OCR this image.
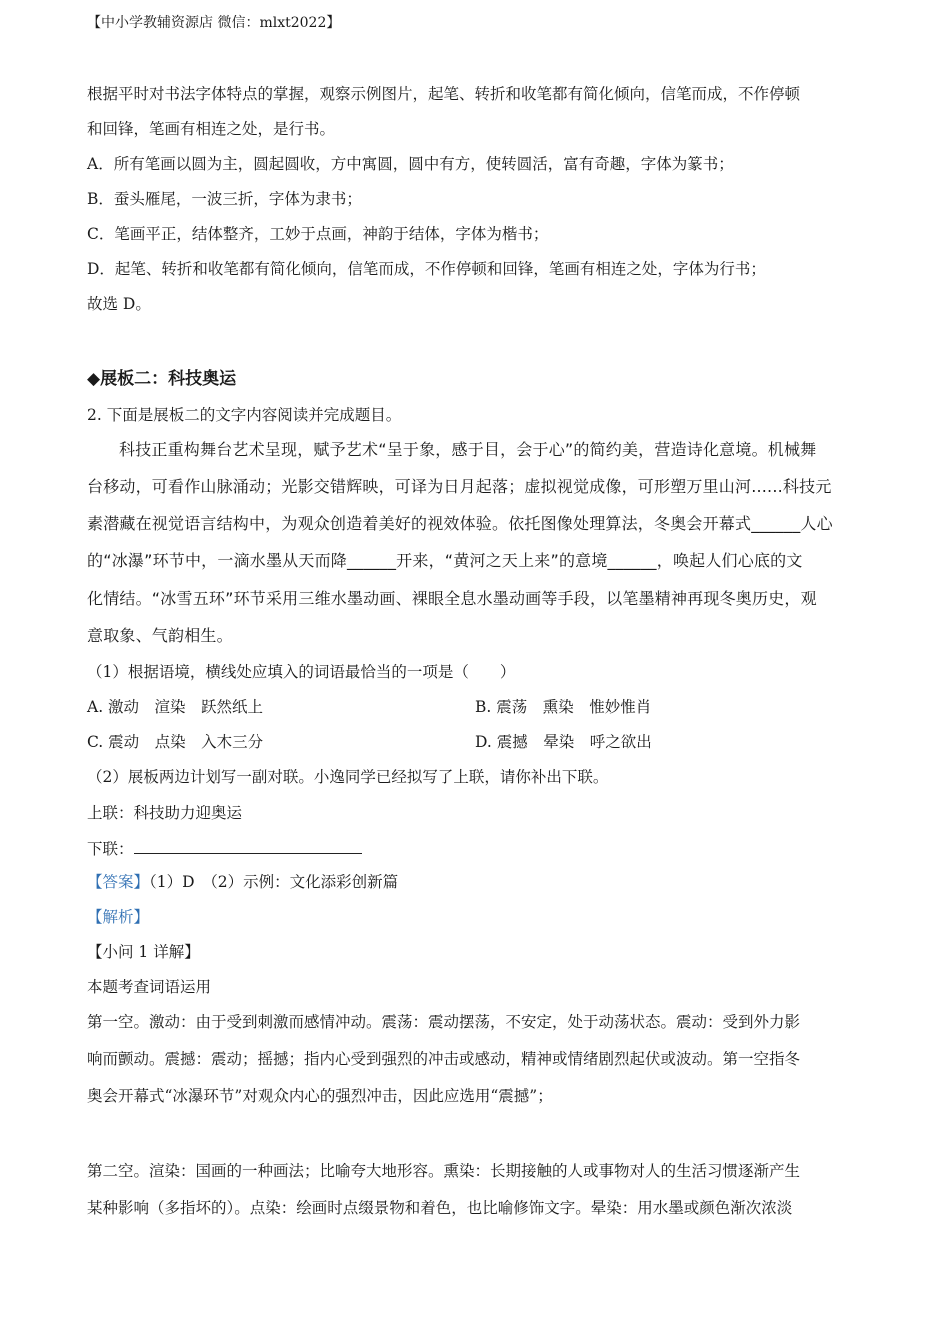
【中小学教辅资源店 微信：mlxt2022】
根据平时对书法字体特点的掌握，观察示例图片，起笔、转折和收笔都有简化倾向，信笔而成，不作停顿
和回锋，笔画有相连之处，是行书。
A．所有笔画以圆为主，圆起圆收，方中寓圆，圆中有方，使转圆活，富有奇趣，字体为篆书；
B．蚕头雁尾，一波三折，字体为隶书；
C．笔画平正，结体整齐，工妙于点画，神韵于结体，字体为楷书；
D．起笔、转折和收笔都有简化倾向，信笔而成，不作停顿和回锋，笔画有相连之处，字体为行书；
故选 D。
◆展板二：科技奥运
2. 下面是展板二的文字内容阅读并完成题目。
科技正重构舞台艺术呈现，赋予艺术“呈于象，感于目，会于心”的简约美，营造诗化意境。机械舞
台移动，可看作山脉涌动；光影交错辉映，可译为日月起落；虚拟视觉成像，可形塑万里山河......科技元
素潜藏在视觉语言结构中，为观众创造着美好的视效体验。依托图像处理算法，冬奥会开幕式______人心
的“冰瀑”环节中，一滴水墨从天而降______开来，“黄河之天上来”的意境______，唤起人们心底的文
化情结。“冰雪五环”环节采用三维水墨动画、裸眼全息水墨动画等手段，以笔墨精神再现冬奥历史，观
意取象、气韵相生。
（1）根据语境，横线处应填入的词语最恰当的一项是（　　）
A. 激动　渲染　跃然纸上	B. 震荡　熏染　惟妙惟肖
C. 震动　点染　入木三分	D. 震撼　晕染　呼之欲出
（2）展板两边计划写一副对联。小逸同学已经拟写了上联，请你补出下联。
上联：科技助力迎奥运
下联：
【答案】（1）D　（2）示例：文化添彩创新篇
【解析】
【小问 1 详解】
本题考查词语运用
第一空。激动：由于受到刺激而感情冲动。震荡：震动摆荡，不安定，处于动荡状态。震动：受到外力影
响而颤动。震撼：震动；摇撼；指内心受到强烈的冲击或感动，精神或情绪剧烈起伏或波动。第一空指冬
奥会开幕式“冰瀑环节”对观众内心的强烈冲击，因此应选用“震撼”；
第二空。渲染：国画的一种画法；比喻夸大地形容。熏染：长期接触的人或事物对人的生活习惯逐渐产生
某种影响（多指坏的）。点染：绘画时点缀景物和着色，也比喻修饰文字。晕染：用水墨或颜色渐次浓淡
